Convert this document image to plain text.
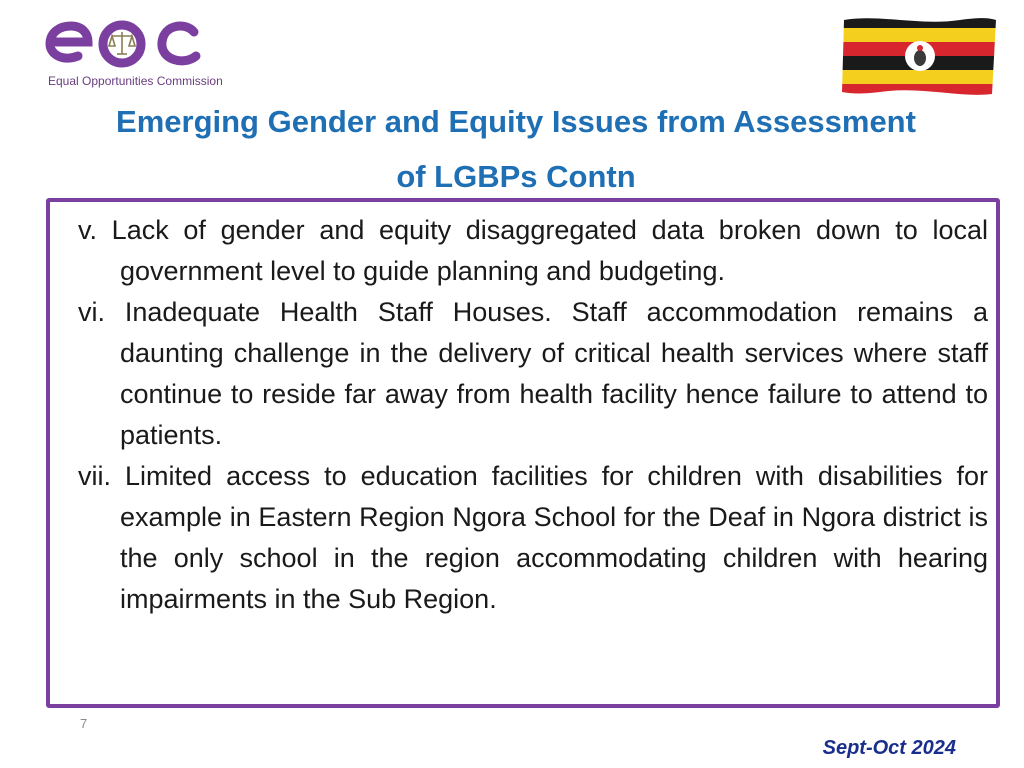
Equal Opportunities Commission
Emerging Gender and Equity Issues from Assessment
of LGBPs Contn

v. Lack of gender and equity disaggregated data broken down to local government level to guide planning and budgeting.

vi. Inadequate Health Staff Houses. Staff accommodation remains a daunting challenge in the delivery of critical health services where staff continue to reside far away from health facility hence failure to attend to patients.

vii. Limited access to education facilities for children with disabilities for example in Eastern Region Ngora School for the Deaf in Ngora district is the only school in the region accommodating children with hearing impairments in the Sub Region.

7
Sept-Oct 2024
